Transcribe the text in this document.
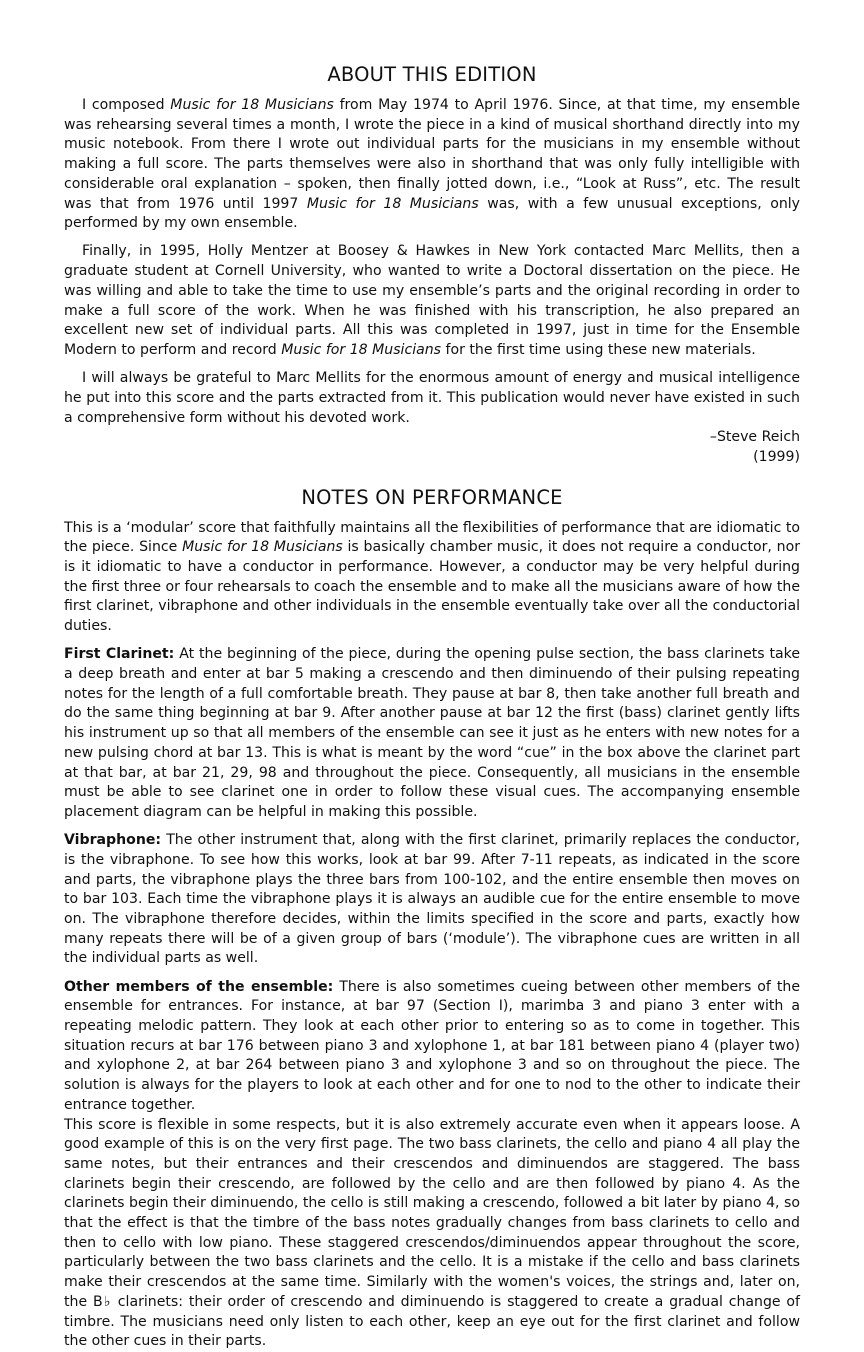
ABOUT THIS EDITION

I composed Music for 18 Musicians from May 1974 to April 1976. Since, at that time, my ensemble was rehearsing several times a month, I wrote the piece in a kind of musical shorthand directly into my music notebook. From there I wrote out individual parts for the musicians in my ensemble without making a full score. The parts themselves were also in shorthand that was only fully intelligible with considerable oral explanation – spoken, then finally jotted down, i.e., “Look at Russ”, etc. The result was that from 1976 until 1997 Music for 18 Musicians was, with a few unusual exceptions, only performed by my own ensemble.

Finally, in 1995, Holly Mentzer at Boosey & Hawkes in New York contacted Marc Mellits, then a graduate student at Cornell University, who wanted to write a Doctoral dissertation on the piece. He was willing and able to take the time to use my ensemble’s parts and the original recording in order to make a full score of the work. When he was finished with his transcription, he also prepared an excellent new set of individual parts. All this was completed in 1997, just in time for the Ensemble Modern to perform and record Music for 18 Musicians for the first time using these new materials.

I will always be grateful to Marc Mellits for the enormous amount of energy and musical intelligence he put into this score and the parts extracted from it. This publication would never have existed in such a comprehensive form without his devoted work.

–Steve Reich

(1999)

NOTES ON PERFORMANCE

This is a ‘modular’ score that faithfully maintains all the flexibilities of performance that are idiomatic to the piece. Since Music for 18 Musicians is basically chamber music, it does not require a conductor, nor is it idiomatic to have a conductor in performance. However, a conductor may be very helpful during the first three or four rehearsals to coach the ensemble and to make all the musicians aware of how the first clarinet, vibraphone and other individuals in the ensemble eventually take over all the conductorial duties.

First Clarinet: At the beginning of the piece, during the opening pulse section, the bass clarinets take a deep breath and enter at bar 5 making a crescendo and then diminuendo of their pulsing repeating notes for the length of a full comfortable breath. They pause at bar 8, then take another full breath and do the same thing beginning at bar 9. After another pause at bar 12 the first (bass) clarinet gently lifts his instrument up so that all members of the ensemble can see it just as he enters with new notes for a new pulsing chord at bar 13. This is what is meant by the word “cue” in the box above the clarinet part at that bar, at bar 21, 29, 98 and throughout the piece. Consequently, all musicians in the ensemble must be able to see clarinet one in order to follow these visual cues. The accompanying ensemble placement diagram can be helpful in making this possible.

Vibraphone: The other instrument that, along with the first clarinet, primarily replaces the conductor, is the vibraphone. To see how this works, look at bar 99. After 7-11 repeats, as indicated in the score and parts, the vibraphone plays the three bars from 100-102, and the entire ensemble then moves on to bar 103. Each time the vibraphone plays it is always an audible cue for the entire ensemble to move on. The vibraphone therefore decides, within the limits specified in the score and parts, exactly how many repeats there will be of a given group of bars (‘module’). The vibraphone cues are written in all the individual parts as well.

Other members of the ensemble: There is also sometimes cueing between other members of the ensemble for entrances. For instance, at bar 97 (Section I), marimba 3 and piano 3 enter with a repeating melodic pattern. They look at each other prior to entering so as to come in together. This situation recurs at bar 176 between piano 3 and xylophone 1, at bar 181 between piano 4 (player two) and xylophone 2, at bar 264 between piano 3 and xylophone 3 and so on throughout the piece. The solution is always for the players to look at each other and for one to nod to the other to indicate their entrance together.

This score is flexible in some respects, but it is also extremely accurate even when it appears loose. A good example of this is on the very first page. The two bass clarinets, the cello and piano 4 all play the same notes, but their entrances and their crescendos and diminuendos are staggered. The bass clarinets begin their crescendo, are followed by the cello and are then followed by piano 4. As the clarinets begin their diminuendo, the cello is still making a crescendo, followed a bit later by piano 4, so that the effect is that the timbre of the bass notes gradually changes from bass clarinets to cello and then to cello with low piano. These staggered crescendos/diminuendos appear throughout the score, particularly between the two bass clarinets and the cello. It is a mistake if the cello and bass clarinets make their crescendos at the same time. Similarly with the women's voices, the strings and, later on, the B♭ clarinets: their order of crescendo and diminuendo is staggered to create a gradual change of timbre. The musicians need only listen to each other, keep an eye out for the first clarinet and follow the other cues in their parts.
